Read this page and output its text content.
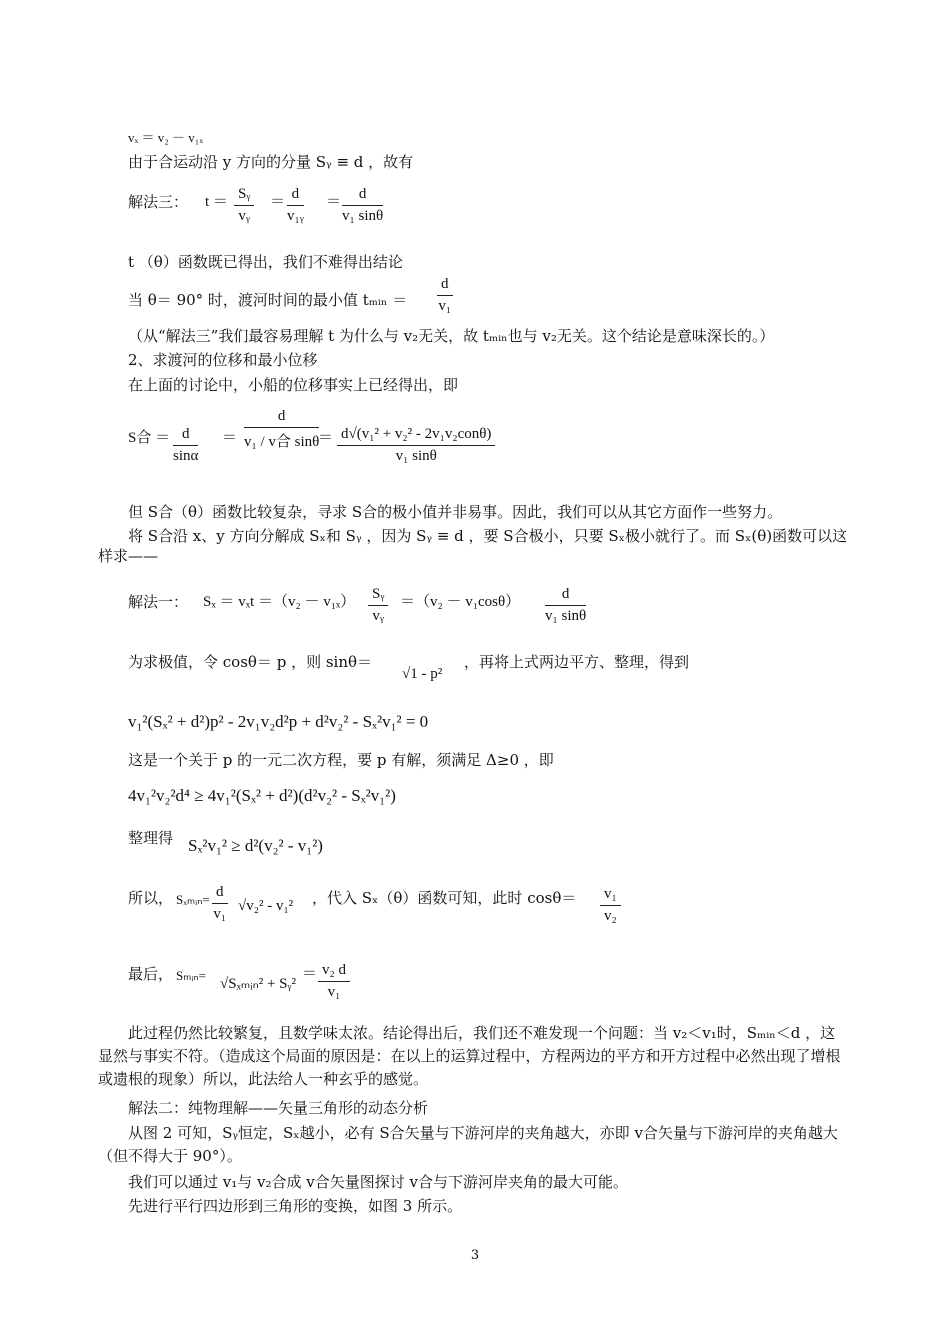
vₓ ＝ v₂ － v₁ₓ
由于合运动沿 y 方向的分量 Sᵧ ≡ d ，故有
解法三： $t = \frac{\text{Sᵧ}}{\text{vᵧ}} = \frac{d}{\text{v₁ᵧ}} = \frac{d}{\text{v₁ sinθ}}$
t （θ）函数既已得出，我们不难得出结论
当 θ＝ 90° 时，渡河时间的最小值 tₘᵢₙ ＝ $\frac{d}{\text{v₁}}$
（从“解法三”我们最容易理解 t 为什么与 v₂无关，故 tₘᵢₙ也与 v₂无关。这个结论是意味深长的。）
2、求渡河的位移和最小位移
在上面的讨论中，小船的位移事实上已经得出，即
S合 ＝ $\frac{d}{\sin\alpha}$ ＝
d
v₁ / v合 sinθ
＝ d√(v₁² + v₂² - 2v₁v₂conθ)
v₁ sinθ
但 S合（θ）函数比较复杂，寻求 S合的极小值并非易事。因此，我们可以从其它方面作一些努力。
将 S合沿 x、y 方向分解成 Sₓ和 Sᵧ ，因为 Sᵧ ≡ d ，要 S合极小，只要 Sₓ极小就行了。而 Sₓ(θ)函数可以这样求——
解法一： $S_x = v_xt =(v_2 - v_{1x}) \frac{\text{Sᵧ}}{\text{vᵧ}} =(v_2 - v_1\cos\theta) \frac{d}{\text{v₁ sinθ}}$
为求极值，令 cosθ＝ p ，则 sinθ＝
√1 - p²
，再将上式两边平方、整理，得到
v₁²(Sₓ² + d²)p² - 2v₁v₂d²p + d²v₂² - Sₓ²v₁² = 0
这是一个关于 p 的一元二次方程，要 p 有解，须满足 Δ≥0 ，即
4v₁²v₂²d⁴ ≥ 4v₁²(Sₓ² + d²)(d²v₂² - Sₓ²v₁²)
整理得 Sₓ²v₁² ≥ d²(v₂² - v₁²)
所以， Sₓₘᵢₙ= $\frac{d}{\text{v₁}} √v_2^2 - v_1^2$ ，代入 Sₓ（θ）函数可知，此时 $\cos\theta= \frac{\text{v₁}}{\text{v₂}}$
最后， Sₘᵢₙ=
√Sₓₘᵢₙ² + Sᵧ²
＝ $\frac{\text{v₂ d}}{\text{v₁}}$
此过程仍然比较繁复，且数学味太浓。结论得出后，我们还不难发现一个问题：当 v₂＜v₁时，Sₘᵢₙ＜d ，这显然与事实不符。（造成这个局面的原因是：在以上的运算过程中，方程两边的平方和开方过程中必然出现了增根或遗根的现象）所以，此法给人一种玄乎的感觉。
解法二：纯物理解——矢量三角形的动态分析
从图 2 可知，Sᵧ恒定，Sₓ越小，必有 S合矢量与下游河岸的夹角越大，亦即 v合矢量与下游河岸的夹角越大（但不得大于 90°）。
我们可以通过 v₁与 v₂合成 v合矢量图探讨 v合与下游河岸夹角的最大可能。
先进行平行四边形到三角形的变换，如图 3 所示。
3
